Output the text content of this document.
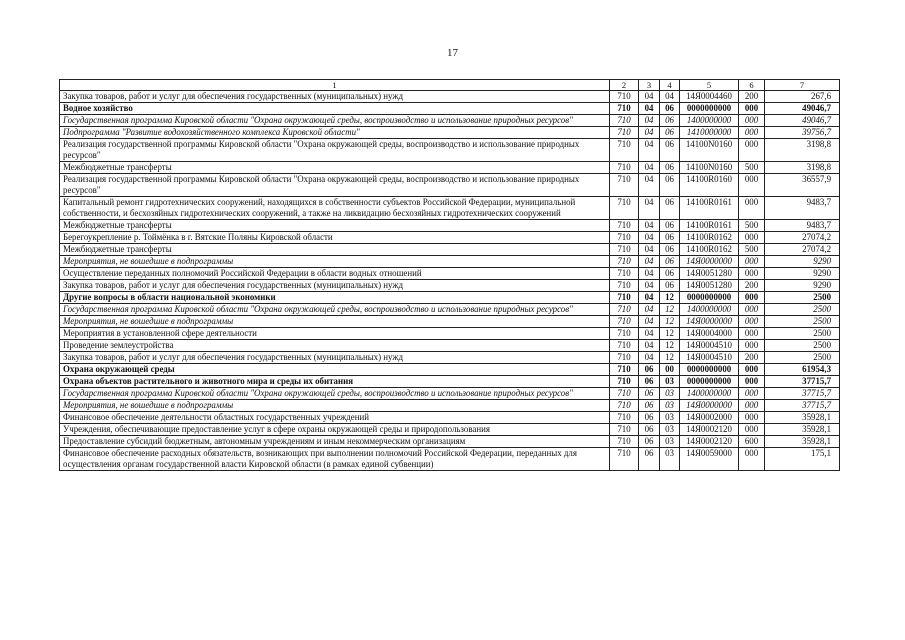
17
1	2	3	4	5	6	7
Закупка товаров, работ и услуг для обеспечения государственных (муниципальных) нужд	710	04	04	14Я0004460	200	267,6
Водное хозяйство	710	04	06	0000000000	000	49046,7
Государственная программа Кировской области "Охрана окружающей среды, воспроизводство и использование природных ресурсов"	710	04	06	1400000000	000	49046,7
Подпрограмма "Развитие водохозяйственного комплекса Кировской области"	710	04	06	1410000000	000	39756,7
Реализация государственной программы Кировской области "Охрана окружающей среды, воспроизводство и использование природных ресурсов"	710	04	06	14100N0160	000	3198,8
Межбюджетные трансферты	710	04	06	14100N0160	500	3198,8
Реализация государственной программы Кировской области "Охрана окружающей среды, воспроизводство и использование природных ресурсов"	710	04	06	14100R0160	000	36557,9
Капитальный ремонт гидротехнических сооружений, находящихся в собственности субъектов Российской Федерации, муниципальной собственности, и бесхозяйных гидротехнических сооружений, а также на ликвидацию бесхозяйных гидротехнических сооружений	710	04	06	14100R0161	000	9483,7
Межбюджетные трансферты	710	04	06	14100R0161	500	9483,7
Берегоукрепление р. Тоймёнка в г. Вятские Поляны Кировской области	710	04	06	14100R0162	000	27074,2
Межбюджетные трансферты	710	04	06	14100R0162	500	27074,2
Мероприятия, не вошедшие в подпрограммы	710	04	06	14Я0000000	000	9290
Осуществление переданных полномочий Российской Федерации в области водных отношений	710	04	06	14Я0051280	000	9290
Закупка товаров, работ и услуг для обеспечения государственных (муниципальных) нужд	710	04	06	14Я0051280	200	9290
Другие вопросы в области национальной экономики	710	04	12	0000000000	000	2500
Государственная программа Кировской области "Охрана окружающей среды, воспроизводство и использование природных ресурсов"	710	04	12	1400000000	000	2500
Мероприятия, не вошедшие в подпрограммы	710	04	12	14Я0000000	000	2500
Мероприятия в установленной сфере деятельности	710	04	12	14Я0004000	000	2500
Проведение землеустройства	710	04	12	14Я0004510	000	2500
Закупка товаров, работ и услуг для обеспечения государственных (муниципальных) нужд	710	04	12	14Я0004510	200	2500
Охрана окружающей среды	710	06	00	0000000000	000	61954,3
Охрана объектов растительного и животного мира и среды их обитания	710	06	03	0000000000	000	37715,7
Государственная программа Кировской области "Охрана окружающей среды, воспроизводство и использование природных ресурсов"	710	06	03	1400000000	000	37715,7
Мероприятия, не вошедшие в подпрограммы	710	06	03	14Я0000000	000	37715,7
Финансовое обеспечение деятельности областных государственных учреждений	710	06	03	14Я0002000	000	35928,1
Учреждения, обеспечивающие предоставление услуг в сфере охраны окружающей среды и природопользования	710	06	03	14Я0002120	000	35928,1
Предоставление субсидий бюджетным, автономным учреждениям и иным некоммерческим организациям	710	06	03	14Я0002120	600	35928,1
Финансовое обеспечение расходных обязательств, возникающих при выполнении полномочий Российской Федерации, переданных для осуществления органам государственной власти Кировской области (в рамках единой субвенции)	710	06	03	14Я0059000	000	175,1
